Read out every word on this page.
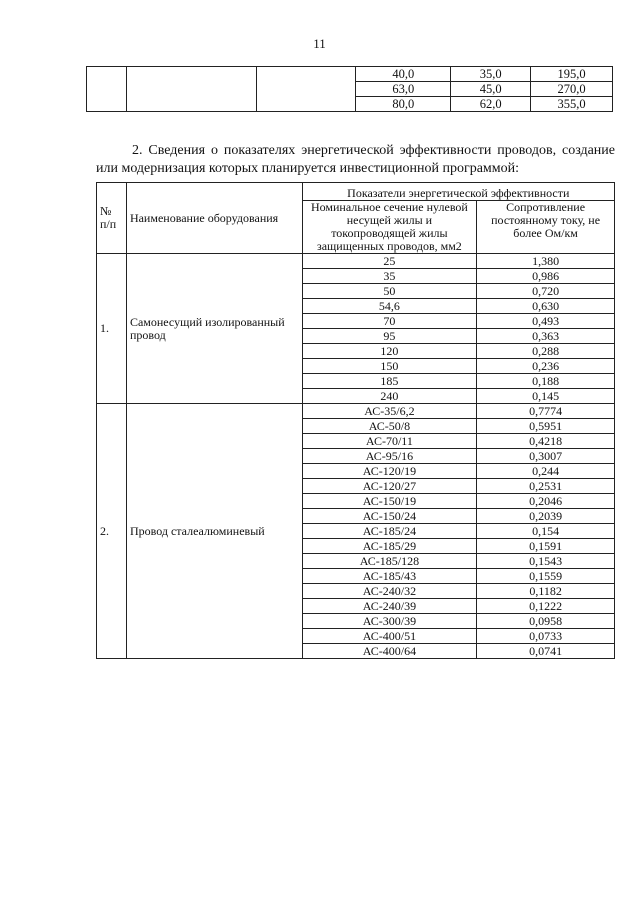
11
			40,0	35,0	195,0
			63,0	45,0	270,0
			80,0	62,0	355,0
2. Сведения о показателях энергетической эффективности проводов, создание или модернизация которых планируется инвестиционной программой:
№ п/п	Наименование оборудования	Показатели энергетической эффективности	
		Номинальное сечение нулевой несущей жилы и токопроводящей жилы защищенных проводов, мм2	Сопротивление постоянному току, не более Ом/км
1.	Самонесущий изолированный провод	25	1,380
		35	0,986
		50	0,720
		54,6	0,630
		70	0,493
		95	0,363
		120	0,288
		150	0,236
		185	0,188
		240	0,145
2.	Провод сталеалюминевый	АС-35/6,2	0,7774
		АС-50/8	0,5951
		АС-70/11	0,4218
		АС-95/16	0,3007
		АС-120/19	0,244
		АС-120/27	0,2531
		АС-150/19	0,2046
		АС-150/24	0,2039
		АС-185/24	0,154
		АС-185/29	0,1591
		АС-185/128	0,1543
		АС-185/43	0,1559
		АС-240/32	0,1182
		АС-240/39	0,1222
		АС-300/39	0,0958
		АС-400/51	0,0733
		АС-400/64	0,0741
